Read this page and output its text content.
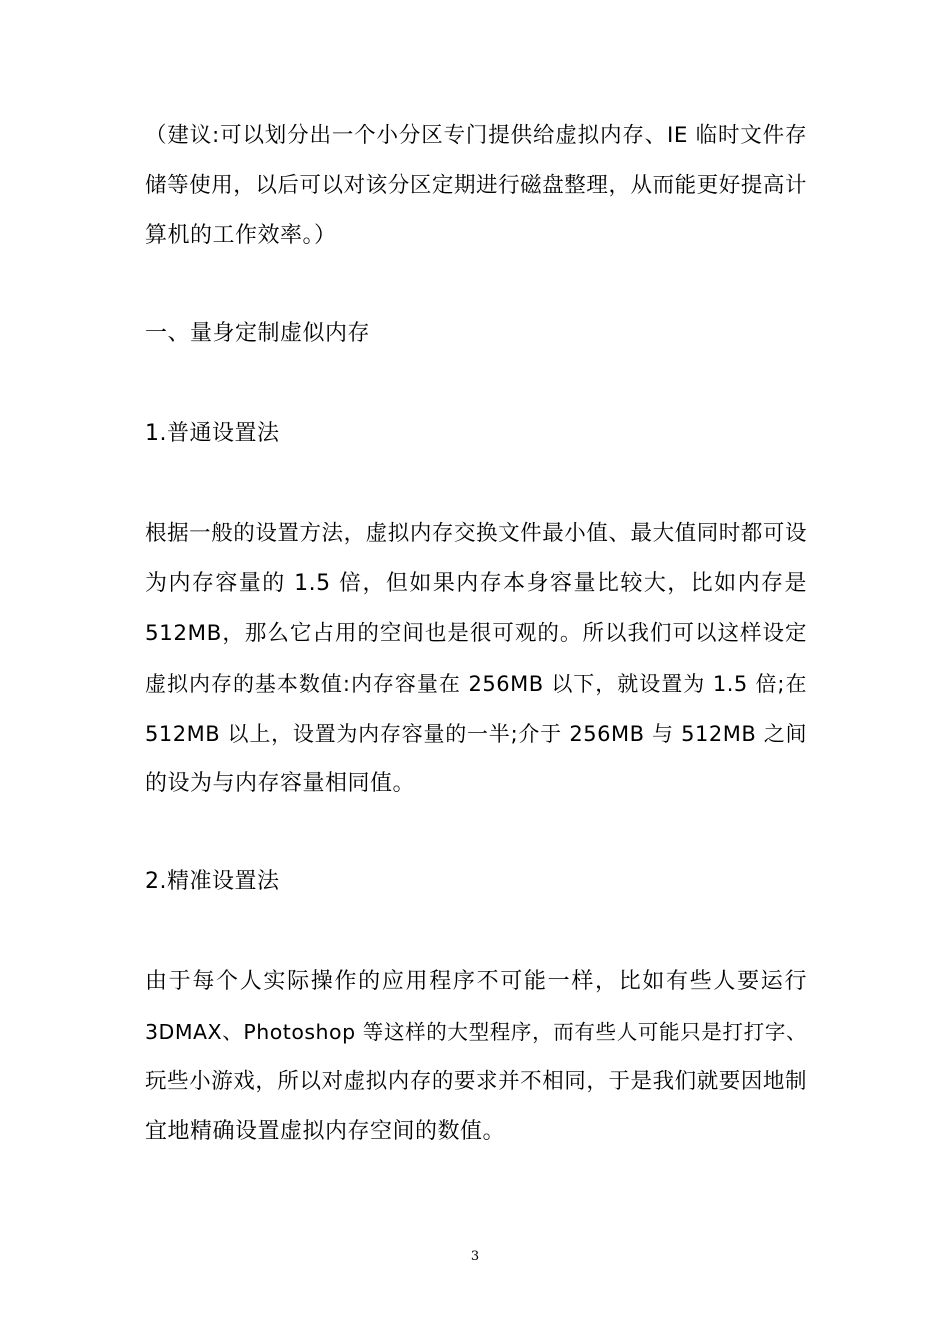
（建议:可以划分出一个小分区专门提供给虚拟内存、IE 临时文件存
储等使用，以后可以对该分区定期进行磁盘整理，从而能更好提高计
算机的工作效率。）
一、量身定制虚似内存
1.普通设置法
根据一般的设置方法，虚拟内存交换文件最小值、最大值同时都可设
为内存容量的 1.5 倍，但如果内存本身容量比较大，比如内存是
512MB，那么它占用的空间也是很可观的。所以我们可以这样设定
虚拟内存的基本数值:内存容量在 256MB 以下，就设置为 1.5 倍;在
512MB 以上，设置为内存容量的一半;介于 256MB 与 512MB 之间
的设为与内存容量相同值。
2.精准设置法
由于每个人实际操作的应用程序不可能一样，比如有些人要运行
3DMAX、Photoshop 等这样的大型程序，而有些人可能只是打打字、
玩些小游戏，所以对虚拟内存的要求并不相同，于是我们就要因地制
宜地精确设置虚拟内存空间的数值。
3
